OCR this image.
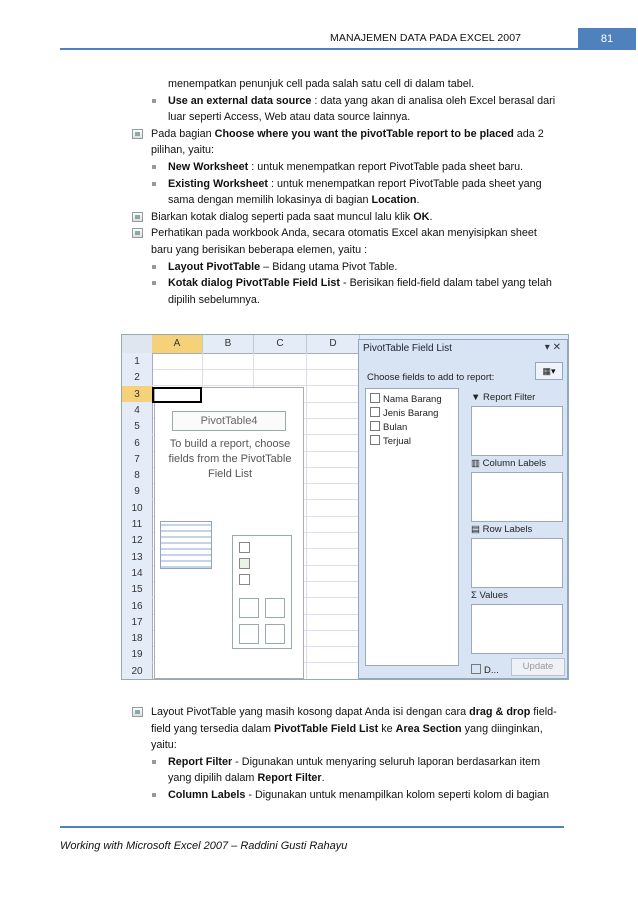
MANAJEMEN DATA PADA EXCEL 2007	81
menempatkan penunjuk cell pada salah satu cell di dalam tabel.
Use an external data source : data yang akan di analisa oleh Excel berasal dari
luar seperti Access, Web atau data source lainnya.
Pada bagian Choose where you want the pivotTable report to be placed ada 2
pilihan, yaitu:
New Worksheet : untuk menempatkan report PivotTable pada sheet baru.
Existing Worksheet : untuk menempatkan report PivotTable pada sheet yang
sama dengan memilih lokasinya di bagian Location.
Biarkan kotak dialog seperti pada saat muncul lalu klik OK.
Perhatikan pada workbook Anda, secara otomatis Excel akan menyisipkan sheet
baru yang berisikan beberapa elemen, yaitu :
Layout PivotTable – Bidang utama Pivot Table.
Kotak dialog PivotTable Field List - Berisikan field-field dalam tabel yang telah
dipilih sebelumnya.
A	B	C	D
1
2
3
4
5
6
7
8
9
10
11
12
13
14
15
16
17
18
19
20
PivotTable4
To build a report, choose fields from the PivotTable Field List
PivotTable Field List	▾ ✕
▦▾
Choose fields to add to report:
Nama Barang
Jenis Barang
Bulan
Terjual
▼ Report Filter
▥ Column Labels
▤ Row Labels
Σ Values
D...	Update
Layout PivotTable yang masih kosong dapat Anda isi dengan cara drag & drop field-
field yang tersedia dalam PivotTable Field List ke Area Section yang diinginkan,
yaitu:
Report Filter - Digunakan untuk menyaring seluruh laporan berdasarkan item
yang dipilih dalam Report Filter.
Column Labels - Digunakan untuk menampilkan kolom seperti kolom di bagian
Working with Microsoft Excel 2007 – Raddini Gusti Rahayu
